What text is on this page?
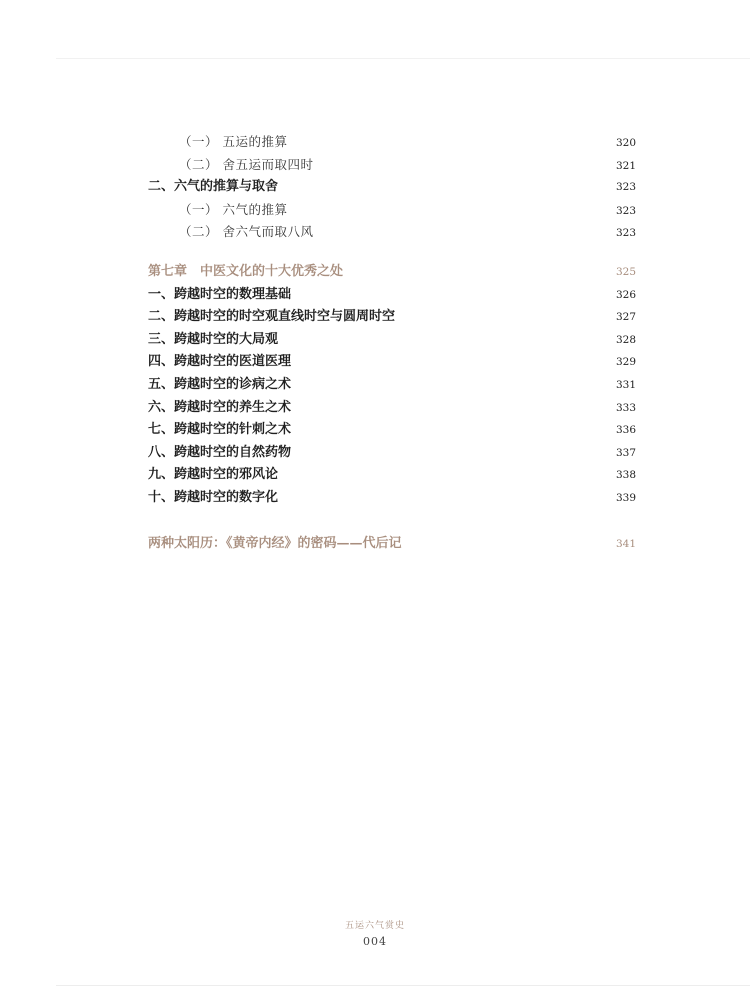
（一） 五运的推算	320
（二） 舍五运而取四时	321
二、六气的推算与取舍	323
（一） 六气的推算	323
（二） 舍六气而取八风	323
第七章　中医文化的十大优秀之处	325
一、跨越时空的数理基础	326
二、跨越时空的时空观直线时空与圆周时空	327
三、跨越时空的大局观	328
四、跨越时空的医道医理	329
五、跨越时空的诊病之术	331
六、跨越时空的养生之术	333
七、跨越时空的针刺之术	336
八、跨越时空的自然药物	337
九、跨越时空的邪风论	338
十、跨越时空的数字化	339
两种太阳历：《黄帝内经》的密码——代后记	341
五运六气赏史
004
